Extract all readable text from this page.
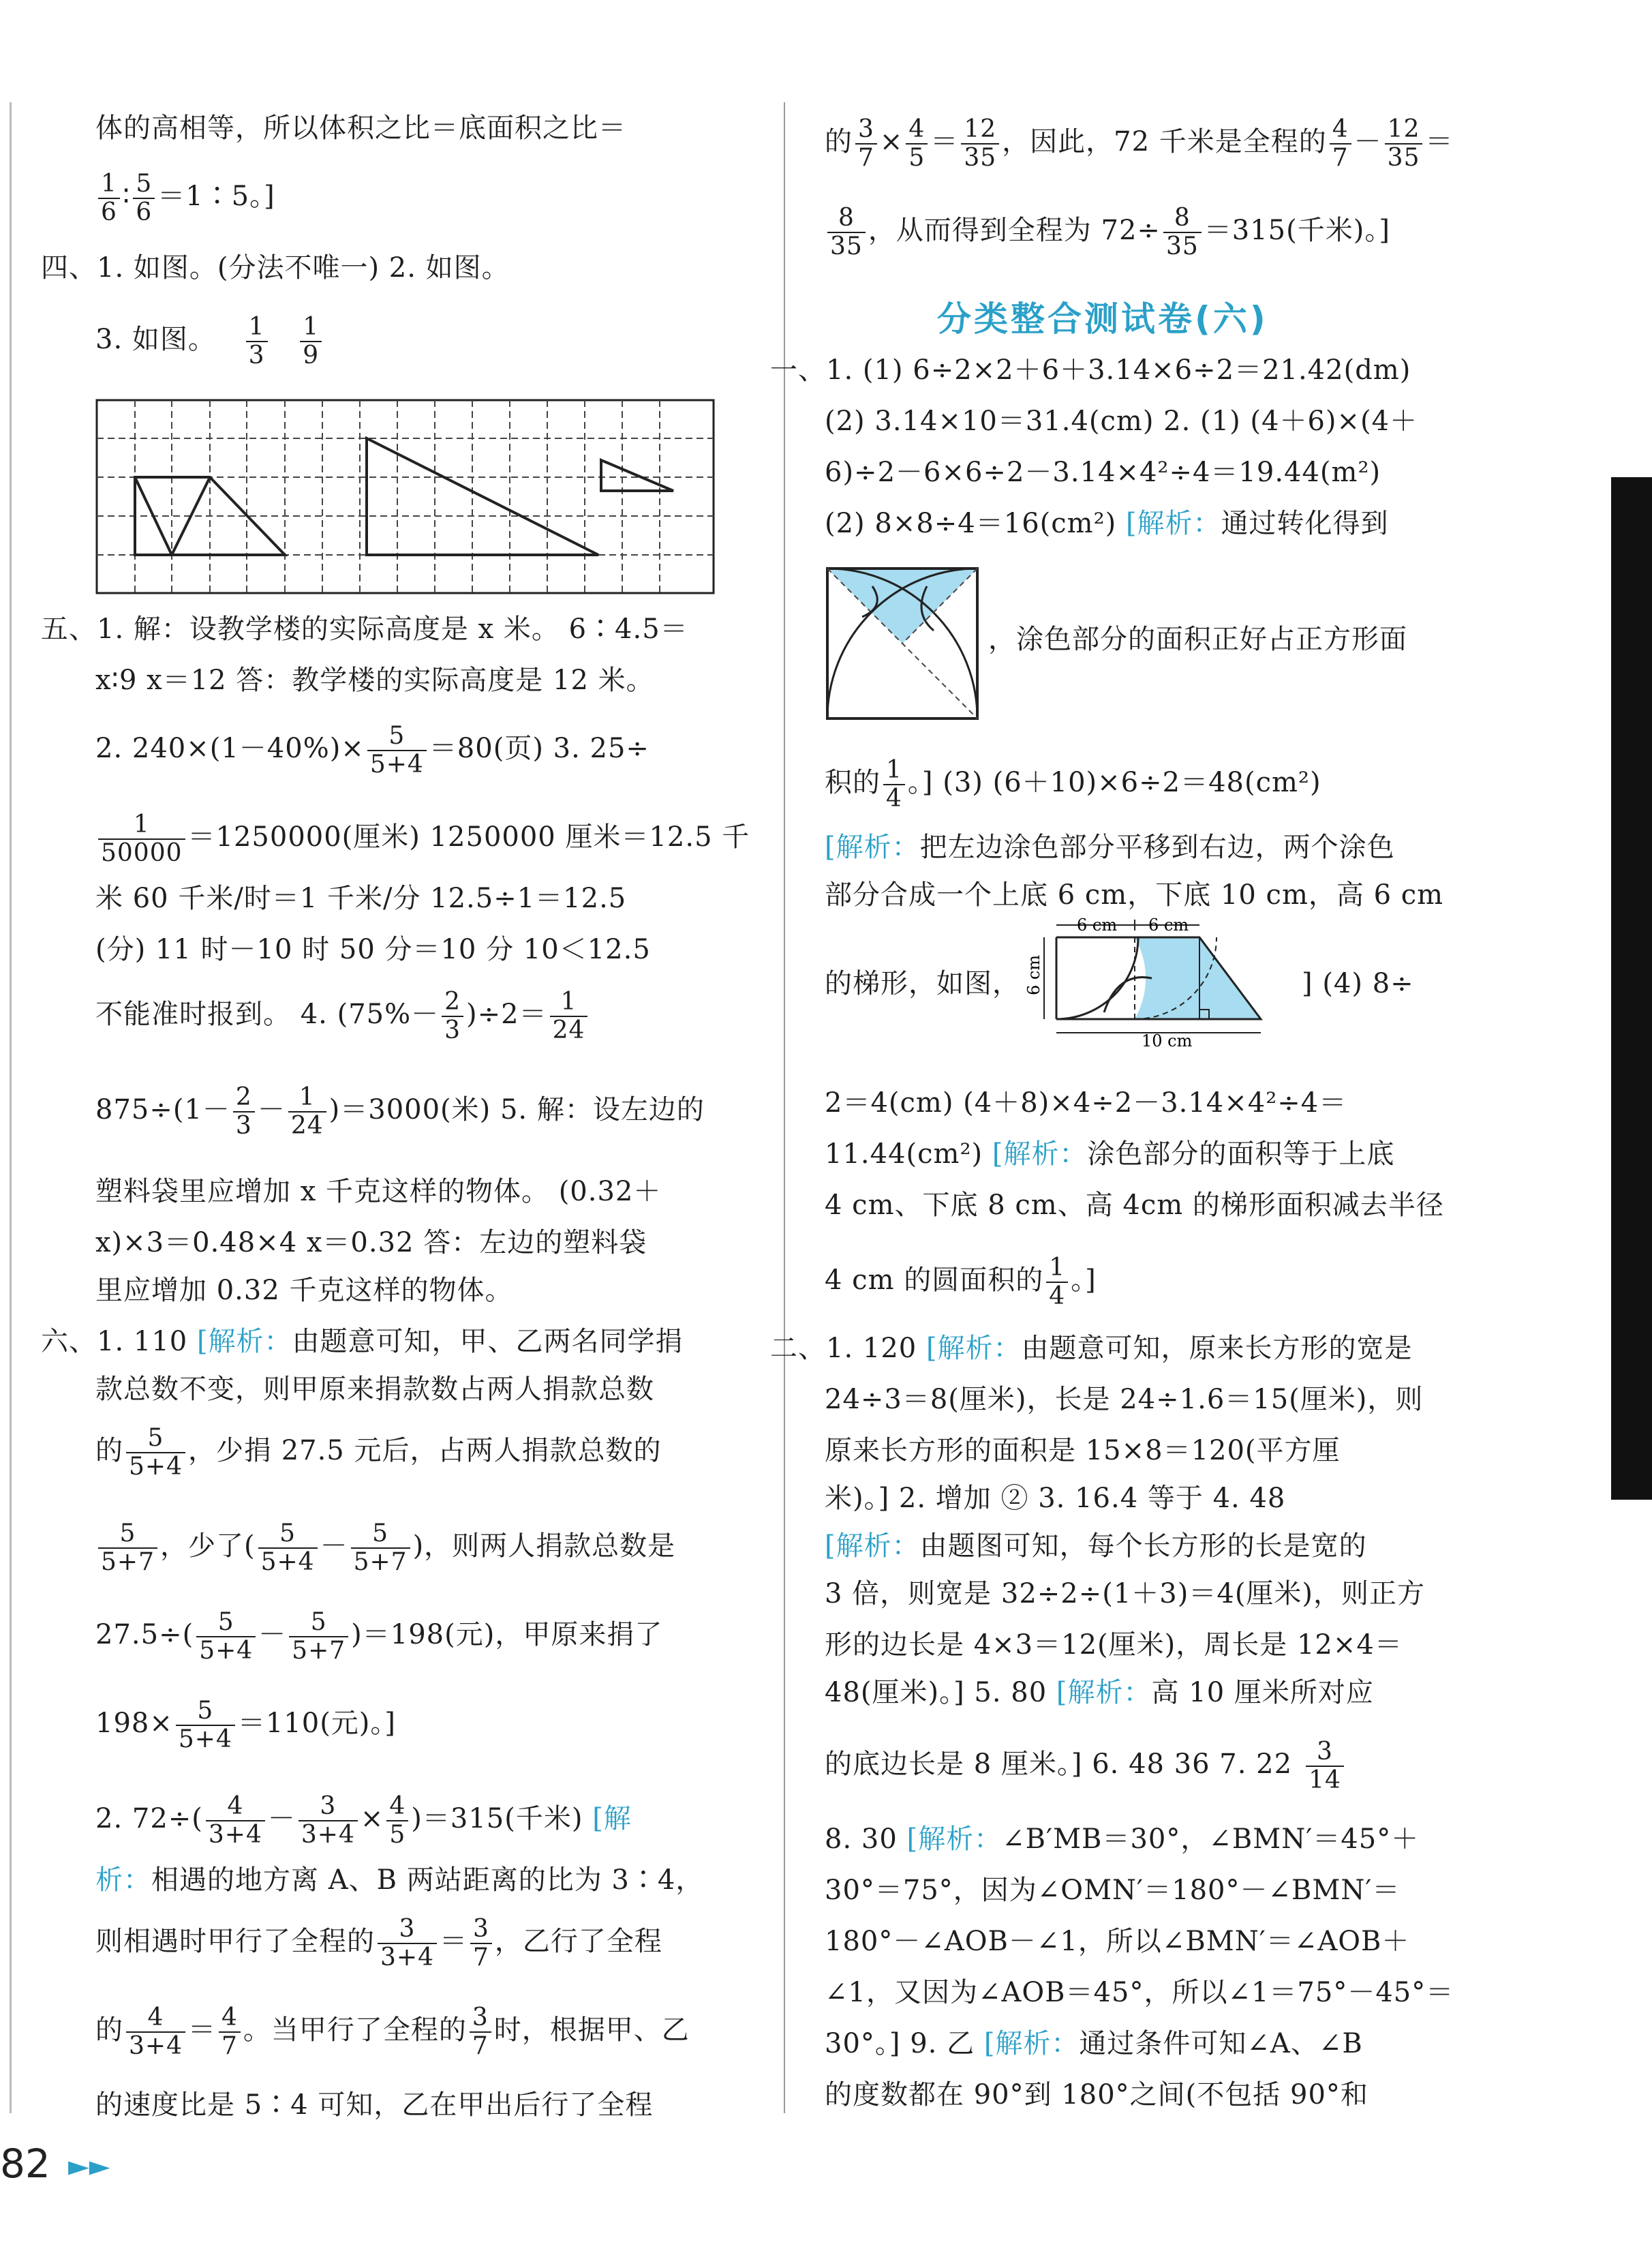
体的高相等，所以体积之比＝底面积之比＝
$\frac{1}{6}$ ∶ $\frac{5}{6}$ ＝1∶5。]
四、1. 如图。(分法不唯一) 2. 如图。
3. 如图。 $\frac{1}{3}$
$\frac{1}{9}$
五、1. 解：设教学楼的实际高度是 x 米。 6∶4.5＝
x∶9 x＝12 答：教学楼的实际高度是 12 米。
2. $240\times(1-40\%)\times \frac{5}{5+4} =80$(页) 3. 25÷
$\frac{1}{50000} =1250000$(厘米) 1250000 厘米＝12.5 千
米 60 千米/时＝1 千米/分 12.5÷1＝12.5
(分) 11 时－10 时 50 分＝10 分 10＜12.5
不能准时报到。 4. $(75\%- \frac{2}{3} )\div 2= \frac{1}{24}$
$875\div(1- \frac{2}{3} - \frac{1}{24} )=3000$(米) 5. 解：设左边的
塑料袋里应增加 x 千克这样的物体。 (0.32＋
x)×3＝0.48×4 x＝0.32 答：左边的塑料袋
里应增加 0.32 千克这样的物体。
六、1. 110 [解析：由题意可知，甲、乙两名同学捐
款总数不变，则甲原来捐款数占两人捐款总数
的 $\frac{5}{5+4}$ ，少捐 27.5 元后，占两人捐款总数的
$\frac{5}{5+7}$ ，少了( $\frac{5}{5+4} - \frac{5}{5+7}$ )，则两人捐款总数是
$27.5\div( \frac{5}{5+4} - \frac{5}{5+7} )=198$(元)，甲原来捐了
$198\times \frac{5}{5+4} =110$(元)。]
2. $72\div( \frac{4}{3+4} - \frac{3}{3+4} \times \frac{4}{5} )=315$(千米) [解
析：相遇的地方离 A、B 两站距离的比为 3∶4，
则相遇时甲行了全程的 $\frac{3}{3+4} = \frac{3}{7}$ ，乙行了全程
的 $\frac{4}{3+4} = \frac{4}{7}$ 。当甲行了全程的 $\frac{3}{7}$ 时，根据甲、乙
的速度比是 5∶4 可知，乙在甲出后行了全程
的 $\frac{3}{7} \times \frac{4}{5} = \frac{12}{35}$ ，因此，72 千米是全程的 $\frac{4}{7} - \frac{12}{35}$ ＝
$\frac{8}{35}$ ，从而得到全程为 $72\div \frac{8}{35} =315$(千米)。]
分类整合测试卷(六)
一、1. (1) 6÷2×2＋6＋3.14×6÷2＝21.42(dm)
(2) 3.14×10＝31.4(cm) 2. (1) (4＋6)×(4＋
6)÷2－6×6÷2－3.14×4²÷4＝19.44(m²)
(2) 8×8÷4＝16(cm²) [解析：通过转化得到
，涂色部分的面积正好占正方形面
积的 $\frac{1}{4}$ 。] (3) (6＋10)×6÷2＝48(cm²)
[解析：把左边涂色部分平移到右边，两个涂色
部分合成一个上底 6 cm，下底 10 cm，高 6 cm
的梯形，如图，
6 cm 6 cm
6 cm
10 cm
] (4) 8÷
2＝4(cm) (4＋8)×4÷2－3.14×4²÷4＝
11.44(cm²) [解析：涂色部分的面积等于上底
4 cm、下底 8 cm、高 4cm 的梯形面积减去半径
4 cm 的圆面积的 $\frac{1}{4}$ 。]
二、1. 120 [解析：由题意可知，原来长方形的宽是
24÷3＝8(厘米)，长是 24÷1.6＝15(厘米)，则
原来长方形的面积是 15×8＝120(平方厘
米)。] 2. 增加 ② 3. 16.4 等于 4. 48
[解析：由题图可知，每个长方形的长是宽的
3 倍，则宽是 32÷2÷(1＋3)＝4(厘米)，则正方
形的边长是 4×3＝12(厘米)，周长是 12×4＝
48(厘米)。] 5. 80 [解析：高 10 厘米所对应
的底边长是 8 厘米。] 6. 48 36 7. $22 \frac{3}{14}$
8. 30 [解析：∠B′MB＝30°，∠BMN′＝45°＋
30°＝75°，因为∠OMN′＝180°－∠BMN′＝
180°－∠AOB－∠1，所以∠BMN′＝∠AOB＋
∠1，又因为∠AOB＝45°，所以∠1＝75°－45°＝
30°。] 9. 乙 [解析：通过条件可知∠A、∠B
的度数都在 90°到 180°之间(不包括 90°和
82 ►►
